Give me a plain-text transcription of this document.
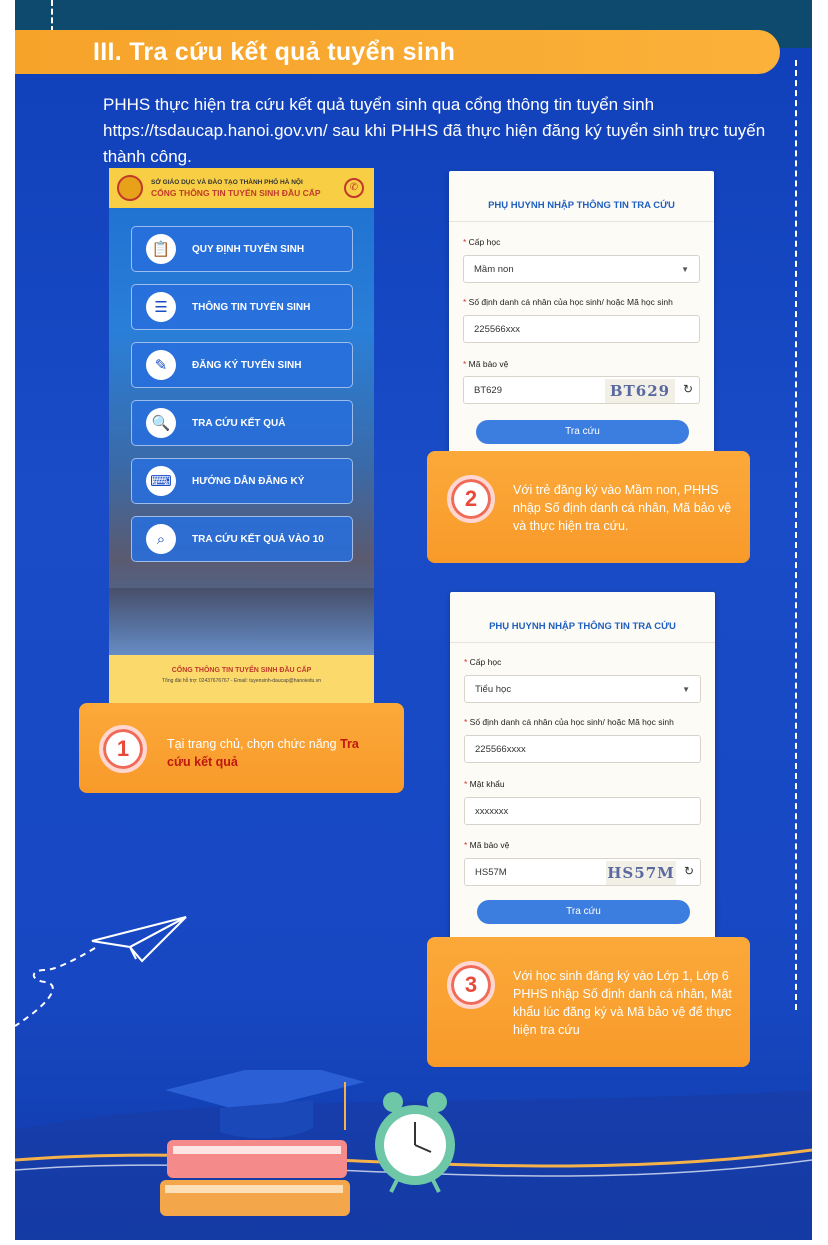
III. Tra cứu kết quả tuyển sinh
PHHS thực hiện tra cứu kết quả tuyển sinh qua cổng thông tin tuyển sinh https://tsdaucap.hanoi.gov.vn/ sau khi PHHS đã thực hiện đăng ký tuyển sinh trực tuyến thành công.
SỞ GIÁO DỤC VÀ ĐÀO TẠO THÀNH PHỐ HÀ NỘI
CỔNG THÔNG TIN TUYỂN SINH ĐẦU CẤP	✆
📋	QUY ĐỊNH TUYỂN SINH
☰	THÔNG TIN TUYỂN SINH
✎	ĐĂNG KÝ TUYỂN SINH
🔍	TRA CỨU KẾT QUẢ
⌨	HƯỚNG DẪN ĐĂNG KÝ
⌕	TRA CỨU KẾT QUẢ VÀO 10
CỔNG THÔNG TIN TUYỂN SINH ĐẦU CẤP
Tổng đài hỗ trợ: 02437676767 - Email: tuyensinh-daucap@hanoiedu.vn
1	Tại trang chủ, chọn chức năng Tra cứu kết quả
PHỤ HUYNH NHẬP THÔNG TIN TRA CỨU
* Cấp học
Mầm non	▼
* Số định danh cá nhân của học sinh/ hoặc Mã học sinh
225566xxx
* Mã bảo vệ
BT629	BT629	↻
Tra cứu
2	Với trẻ đăng ký vào Mầm non, PHHS nhập Số định danh cá nhân, Mã bảo vệ và thực hiện tra cứu.
PHỤ HUYNH NHẬP THÔNG TIN TRA CỨU
* Cấp học
Tiểu học	▼
* Số định danh cá nhân của học sinh/ hoặc Mã học sinh
225566xxxx
* Mật khẩu
xxxxxxx
* Mã bảo vệ
HS57M	HS57M ↻
Tra cứu
3	Với học sinh đăng ký vào Lớp 1, Lớp 6 PHHS nhập Số định danh cá nhân, Mật khẩu lúc đăng ký và Mã bảo vệ để thực hiện tra cứu
